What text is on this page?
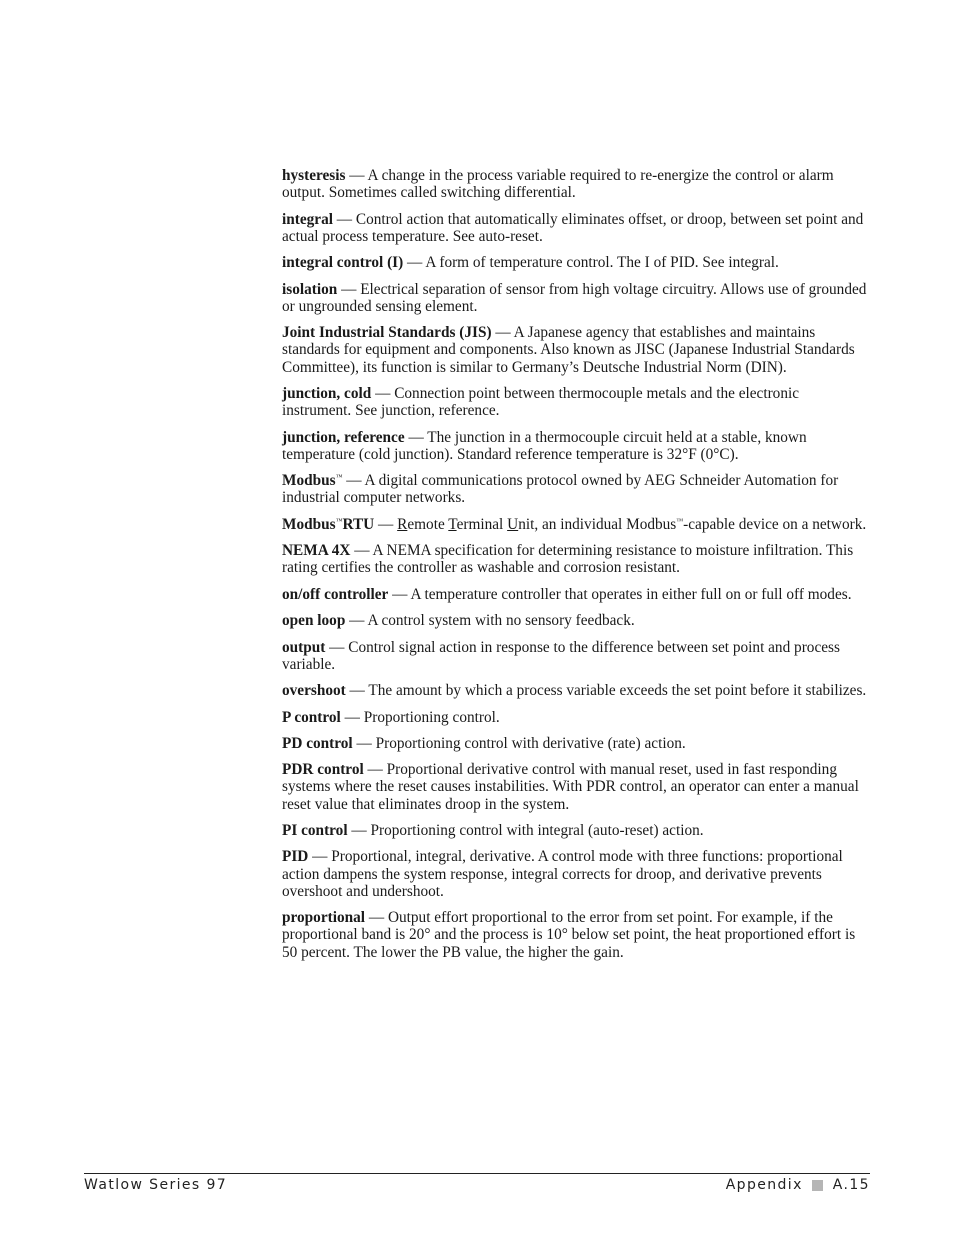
hysteresis — A change in the process variable required to re-energize the control or alarm output. Sometimes called switching differential.

integral — Control action that automatically eliminates offset, or droop, between set point and actual process temperature. See auto-reset.

integral control (I) — A form of temperature control. The I of PID. See integral.

isolation — Electrical separation of sensor from high voltage circuitry. Allows use of grounded or ungrounded sensing element.

Joint Industrial Standards (JIS) — A Japanese agency that establishes and maintains standards for equipment and components. Also known as JISC (Japanese Industrial Standards Committee), its function is similar to Germany’s Deutsche Industrial Norm (DIN).

junction, cold — Connection point between thermocouple metals and the electronic instrument. See junction, reference.

junction, reference — The junction in a thermocouple circuit held at a stable, known temperature (cold junction). Standard reference temperature is 32°F (0°C).

Modbus™ — A digital communications protocol owned by AEG Schneider Automation for industrial computer networks.

Modbus™RTU — Remote Terminal Unit, an individual Modbus™-capable device on a network.

NEMA 4X — A NEMA specification for determining resistance to moisture infiltration. This rating certifies the controller as washable and corrosion resistant.

on/off controller — A temperature controller that operates in either full on or full off modes.

open loop — A control system with no sensory feedback.

output — Control signal action in response to the difference between set point and process variable.

overshoot — The amount by which a process variable exceeds the set point before it stabilizes.

P control — Proportioning control.

PD control — Proportioning control with derivative (rate) action.

PDR control — Proportional derivative control with manual reset, used in fast responding systems where the reset causes instabilities. With PDR control, an operator can enter a manual reset value that eliminates droop in the system.

PI control — Proportioning control with integral (auto-reset) action.

PID — Proportional, integral, derivative. A control mode with three functions: proportional action dampens the system response, integral corrects for droop, and derivative prevents overshoot and undershoot.

proportional — Output effort proportional to the error from set point. For example, if the proportional band is 20° and the process is 10° below set point, the heat proportioned effort is 50 percent. The lower the PB value, the higher the gain.

Watlow Series 97	Appendix A.15
